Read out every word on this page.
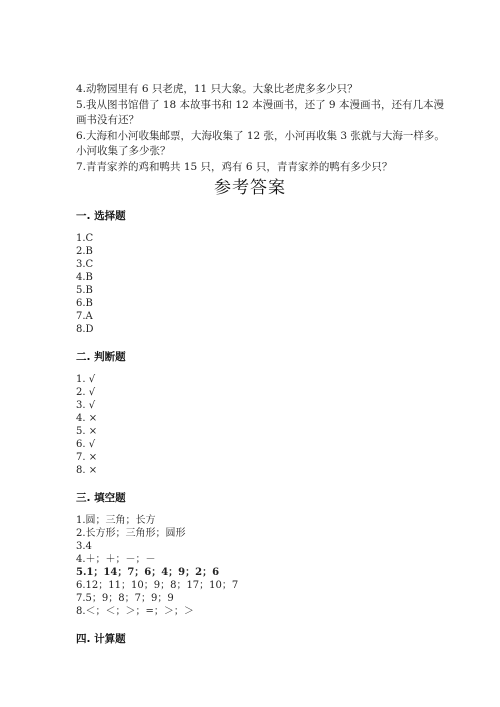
4.动物园里有 6 只老虎，11 只大象。大象比老虎多多少只？
5.我从图书馆借了 18 本故事书和 12 本漫画书，还了 9 本漫画书，还有几本漫
画书没有还？
6.大海和小河收集邮票，大海收集了 12 张，小河再收集 3 张就与大海一样多。
小河收集了多少张？
7.青青家养的鸡和鸭共 15 只，鸡有 6 只，青青家养的鸭有多少只？
参考答案
一. 选择题
1.C
2.B
3.C
4.B
5.B
6.B
7.A
8.D
二. 判断题
1. √
2. √
3. √
4. ×
5. ×
6. √
7. ×
8. ×
三. 填空题
1.圆；三角；长方
2.长方形；三角形；圆形
3.4
4.＋；＋；－；－
5.1；14；7；6；4；9；2；6
6.12；11；10；9；8；17；10；7
7.5；9；8；7；9；9
8.＜；＜；＞；=；＞；＞
四. 计算题
